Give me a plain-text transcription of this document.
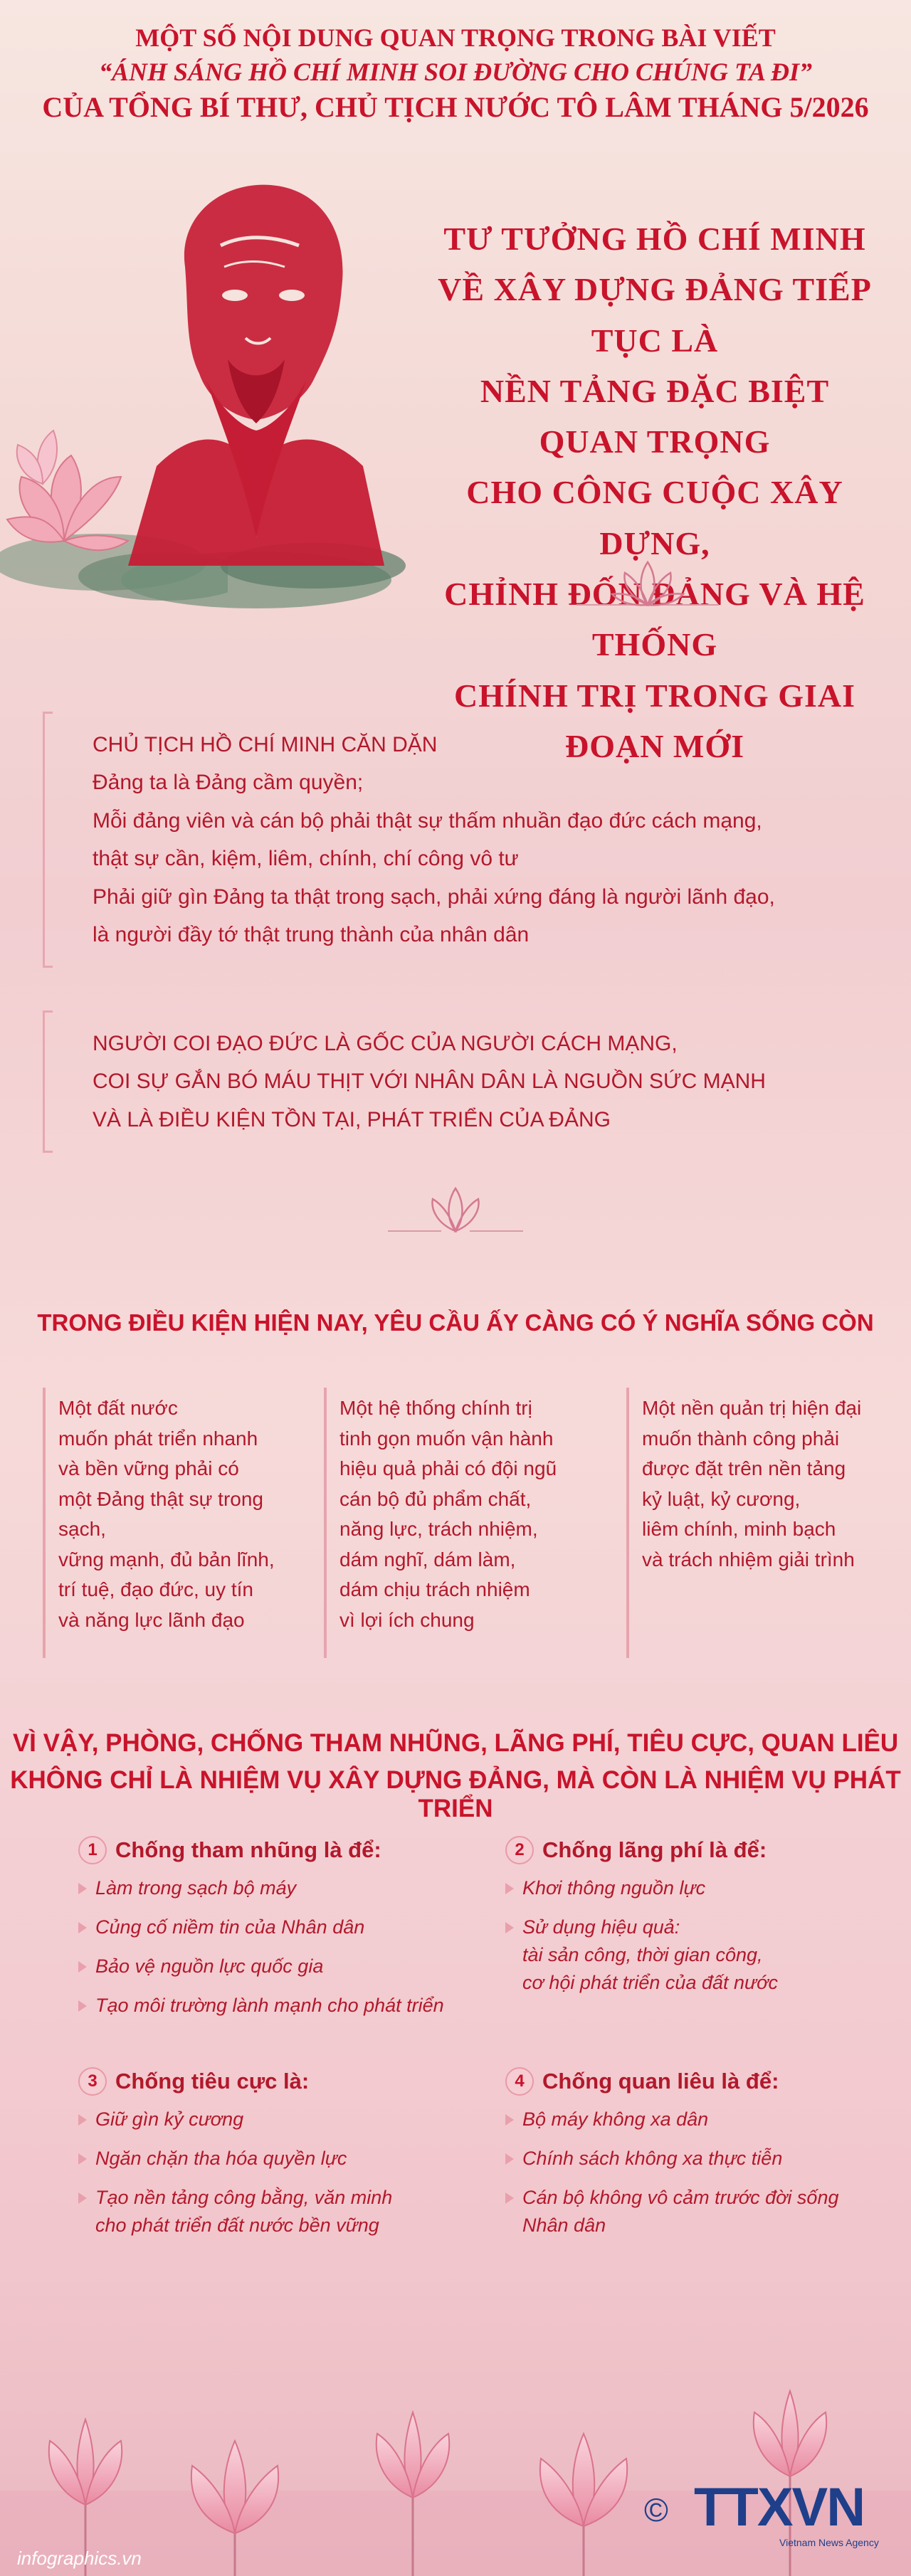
MỘT SỐ NỘI DUNG QUAN TRỌNG TRONG BÀI VIẾT
“ÁNH SÁNG HỒ CHÍ MINH SOI ĐƯỜNG CHO CHÚNG TA ĐI”
CỦA TỔNG BÍ THƯ, CHỦ TỊCH NƯỚC TÔ LÂM THÁNG 5/2026
TƯ TƯỞNG HỒ CHÍ MINH
VỀ XÂY DỰNG ĐẢNG TIẾP TỤC LÀ
NỀN TẢNG ĐẶC BIỆT QUAN TRỌNG
CHO CÔNG CUỘC XÂY DỰNG,
CHỈNH ĐỐN ĐẢNG VÀ HỆ THỐNG
CHÍNH TRỊ TRONG GIAI ĐOẠN MỚI
CHỦ TỊCH HỒ CHÍ MINH CĂN DẶN
Đảng ta là Đảng cầm quyền;
Mỗi đảng viên và cán bộ phải thật sự thấm nhuần đạo đức cách mạng,
thật sự cần, kiệm, liêm, chính, chí công vô tư
Phải giữ gìn Đảng ta thật trong sạch, phải xứng đáng là người lãnh đạo,
là người đầy tớ thật trung thành của nhân dân
NGƯỜI COI ĐẠO ĐỨC LÀ GỐC CỦA NGƯỜI CÁCH MẠNG,
COI SỰ GẮN BÓ MÁU THỊT VỚI NHÂN DÂN LÀ NGUỒN SỨC MẠNH
VÀ LÀ ĐIỀU KIỆN TỒN TẠI, PHÁT TRIỂN CỦA ĐẢNG
TRONG ĐIỀU KIỆN HIỆN NAY, YÊU CẦU ẤY CÀNG CÓ Ý NGHĨA SỐNG CÒN
Một đất nước
muốn phát triển nhanh
và bền vững phải có
một Đảng thật sự trong sạch,
vững mạnh, đủ bản lĩnh,
trí tuệ, đạo đức, uy tín
và năng lực lãnh đạo
Một hệ thống chính trị
tinh gọn muốn vận hành
hiệu quả phải có đội ngũ
cán bộ đủ phẩm chất,
năng lực, trách nhiệm,
dám nghĩ, dám làm,
dám chịu trách nhiệm
vì lợi ích chung
Một nền quản trị hiện đại
muốn thành công phải
được đặt trên nền tảng
kỷ luật, kỷ cương,
liêm chính, minh bạch
và trách nhiệm giải trình
VÌ VẬY, PHÒNG, CHỐNG THAM NHŨNG, LÃNG PHÍ, TIÊU CỰC, QUAN LIÊU
KHÔNG CHỈ LÀ NHIỆM VỤ XÂY DỰNG ĐẢNG, MÀ CÒN LÀ NHIỆM VỤ PHÁT TRIỂN
1 Chống tham nhũng là để:
Làm trong sạch bộ máy
Củng cố niềm tin của Nhân dân
Bảo vệ nguồn lực quốc gia
Tạo môi trường lành mạnh cho phát triển
2 Chống lãng phí là để:
Khơi thông nguồn lực
Sử dụng hiệu quả:
tài sản công, thời gian công,
cơ hội phát triển của đất nước
3 Chống tiêu cực là:
Giữ gìn kỷ cương
Ngăn chặn tha hóa quyền lực
Tạo nền tảng công bằng, văn minh
cho phát triển đất nước bền vững
4 Chống quan liêu là để:
Bộ máy không xa dân
Chính sách không xa thực tiễn
Cán bộ không vô cảm trước đời sống
Nhân dân
infographics.vn
© TTXVN
Vietnam News Agency
